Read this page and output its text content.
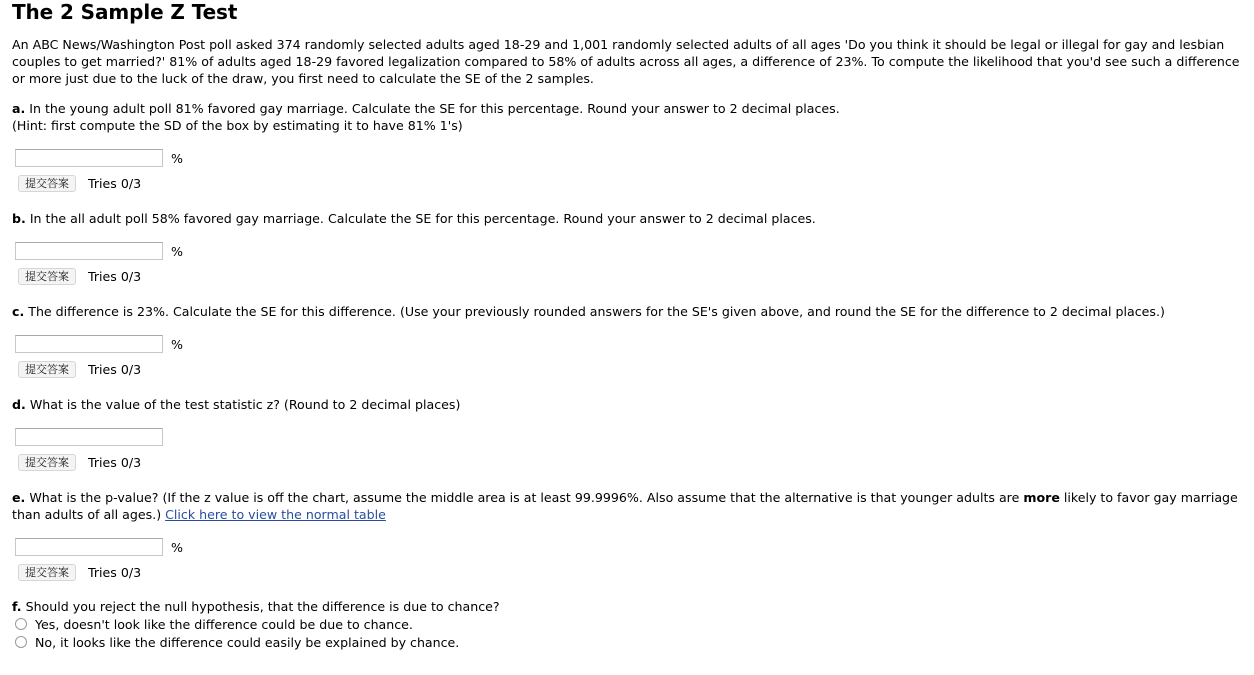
The 2 Sample Z Test
An ABC News/Washington Post poll asked 374 randomly selected adults aged 18-29 and 1,001 randomly selected adults of all ages 'Do you think it should be legal or illegal for gay and lesbian couples to get married?' 81% of adults aged 18-29 favored legalization compared to 58% of adults across all ages, a difference of 23%. To compute the likelihood that you'd see such a difference or more just due to the luck of the draw, you first need to calculate the SE of the 2 samples.
a. In the young adult poll 81% favored gay marriage. Calculate the SE for this percentage. Round your answer to 2 decimal places.
(Hint: first compute the SD of the box by estimating it to have 81% 1's)
%
提交答案	Tries 0/3
b. In the all adult poll 58% favored gay marriage. Calculate the SE for this percentage. Round your answer to 2 decimal places.
%
提交答案	Tries 0/3
c. The difference is 23%. Calculate the SE for this difference. (Use your previously rounded answers for the SE's given above, and round the SE for the difference to 2 decimal places.)
%
提交答案	Tries 0/3
d. What is the value of the test statistic z? (Round to 2 decimal places)
提交答案	Tries 0/3
e. What is the p-value? (If the z value is off the chart, assume the middle area is at least 99.9996%. Also assume that the alternative is that younger adults are more likely to favor gay marriage than adults of all ages.) Click here to view the normal table
%
提交答案	Tries 0/3
f. Should you reject the null hypothesis, that the difference is due to chance?
Yes, doesn't look like the difference could be due to chance.
No, it looks like the difference could easily be explained by chance.
